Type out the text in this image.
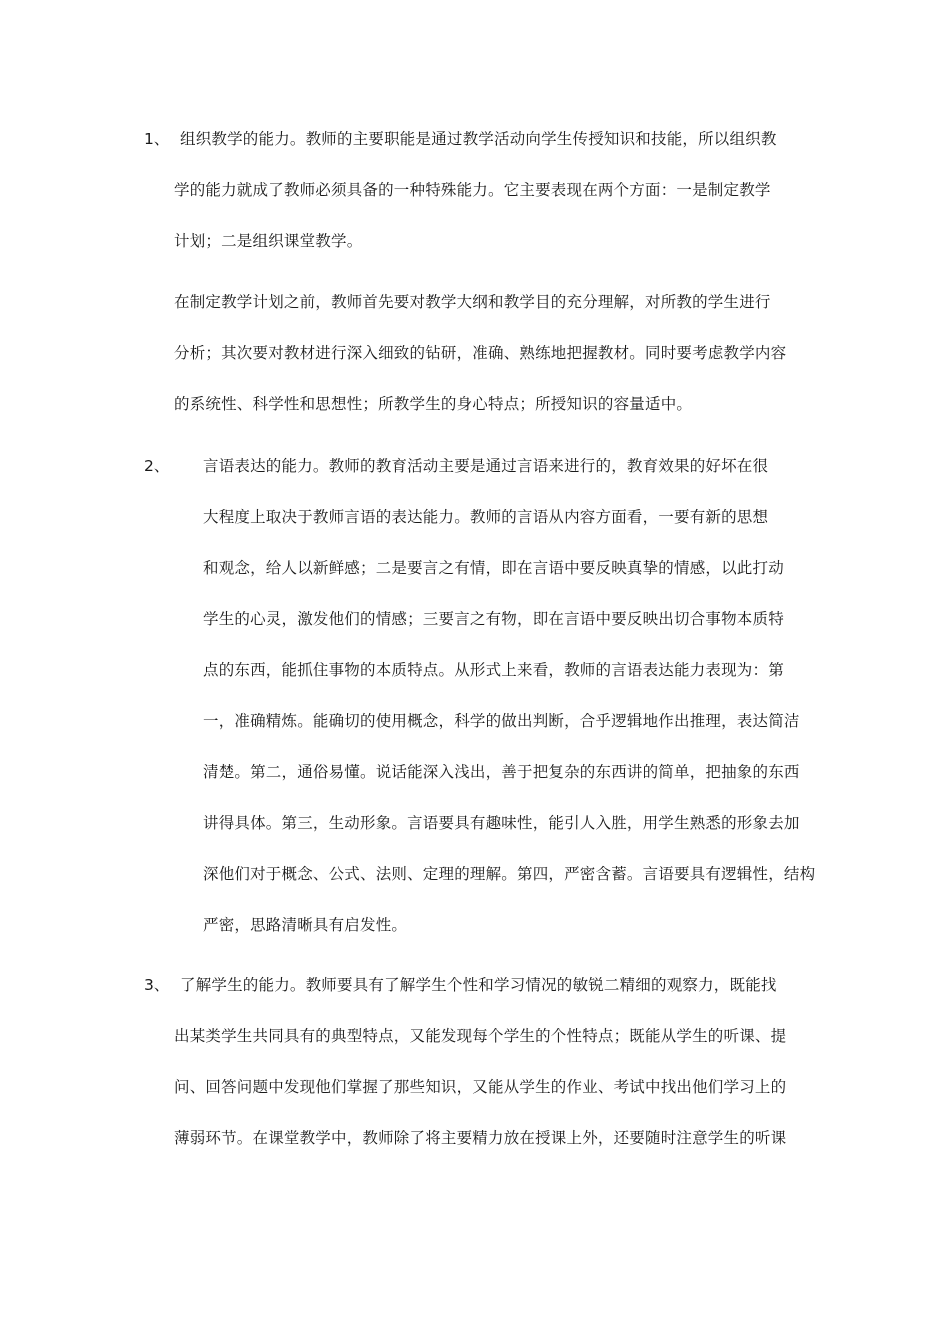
1、 组织教学的能力。教师的主要职能是通过教学活动向学生传授知识和技能，所以组织教
学的能力就成了教师必须具备的一种特殊能力。它主要表现在两个方面：一是制定教学
计划；二是组织课堂教学。
在制定教学计划之前，教师首先要对教学大纲和教学目的充分理解，对所教的学生进行
分析；其次要对教材进行深入细致的钻研，准确、熟练地把握教材。同时要考虑教学内容
的系统性、科学性和思想性；所教学生的身心特点；所授知识的容量适中。
2、 言语表达的能力。教师的教育活动主要是通过言语来进行的，教育效果的好坏在很
大程度上取决于教师言语的表达能力。教师的言语从内容方面看，一要有新的思想
和观念，给人以新鲜感；二是要言之有情，即在言语中要反映真挚的情感，以此打动
学生的心灵，激发他们的情感；三要言之有物，即在言语中要反映出切合事物本质特
点的东西，能抓住事物的本质特点。从形式上来看，教师的言语表达能力表现为：第
一，准确精炼。能确切的使用概念，科学的做出判断，合乎逻辑地作出推理，表达简洁
清楚。第二，通俗易懂。说话能深入浅出，善于把复杂的东西讲的简单，把抽象的东西
讲得具体。第三，生动形象。言语要具有趣味性，能引人入胜，用学生熟悉的形象去加
深他们对于概念、公式、法则、定理的理解。第四，严密含蓄。言语要具有逻辑性，结构
严密，思路清晰具有启发性。
3、 了解学生的能力。教师要具有了解学生个性和学习情况的敏锐二精细的观察力，既能找
出某类学生共同具有的典型特点，又能发现每个学生的个性特点；既能从学生的听课、提
问、回答问题中发现他们掌握了那些知识，又能从学生的作业、考试中找出他们学习上的
薄弱环节。在课堂教学中，教师除了将主要精力放在授课上外，还要随时注意学生的听课
